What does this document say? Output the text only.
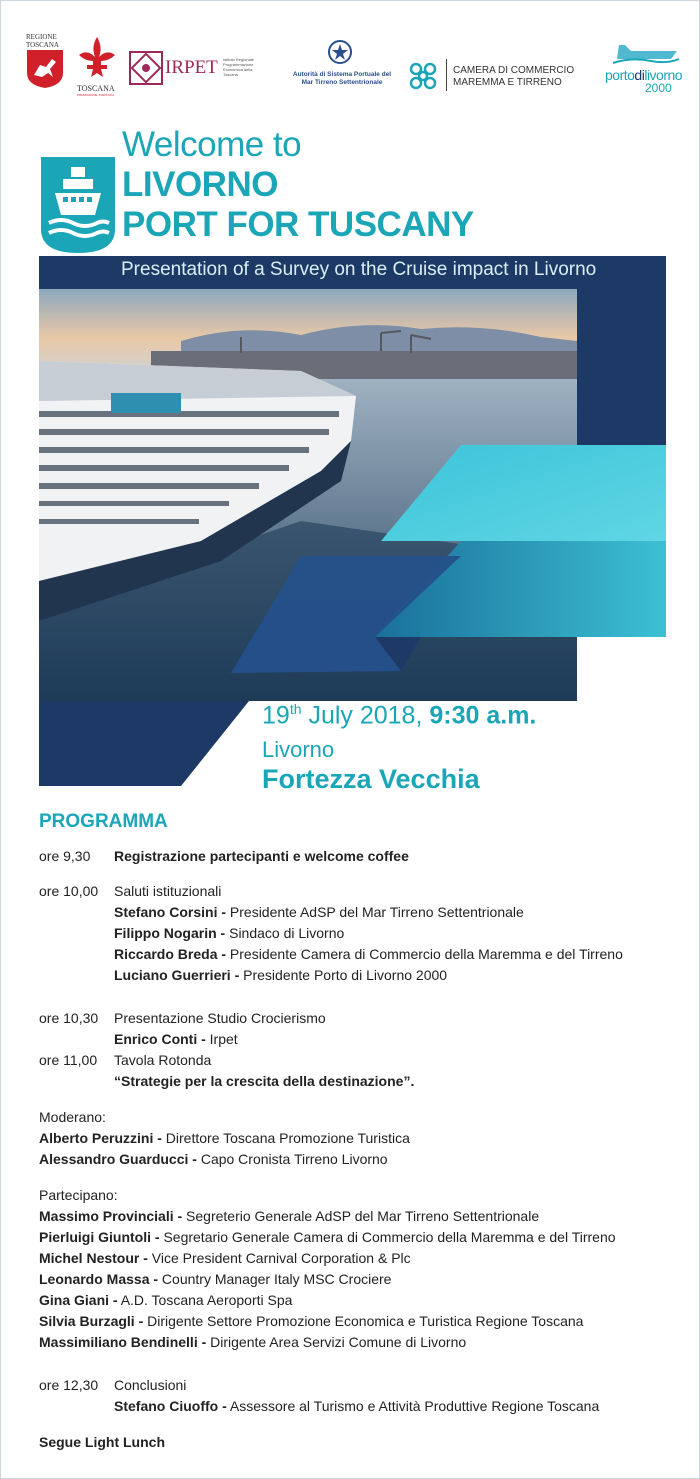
REGIONE TOSCANA
TOSCANA
PROMOZIONE TURISTICA
IRPET Istituto Regionale Programmazione Economica della Toscana	Autorità di Sistema Portuale del
Mar Tirreno Settentrionale
CAMERA DI COMMERCIO
MAREMMA E TIRRENO	portodilivorno
2000
Welcome to
LIVORNO
PORT FOR TUSCANY
Presentation of a Survey on the Cruise impact in Livorno
19th July 2018, 9:30 a.m.
Livorno
Fortezza Vecchia
PROGRAMMA
ore 9,30 Registrazione partecipanti e welcome coffee
ore 10,00 Saluti istituzionali
Stefano Corsini - Presidente AdSP del Mar Tirreno Settentrionale
Filippo Nogarin - Sindaco di Livorno
Riccardo Breda - Presidente Camera di Commercio della Maremma e del Tirreno
Luciano Guerrieri - Presidente Porto di Livorno 2000
ore 10,30 Presentazione Studio Crocierismo
Enrico Conti - Irpet
ore 11,00 Tavola Rotonda
“Strategie per la crescita della destinazione”.
Moderano:
Alberto Peruzzini - Direttore Toscana Promozione Turistica
Alessandro Guarducci - Capo Cronista Tirreno Livorno
Partecipano:
Massimo Provinciali - Segreterio Generale AdSP del Mar Tirreno Settentrionale
Pierluigi Giuntoli - Segretario Generale Camera di Commercio della Maremma e del Tirreno
Michel Nestour - Vice President Carnival Corporation & Plc
Leonardo Massa - Country Manager Italy MSC Crociere
Gina Giani - A.D. Toscana Aeroporti Spa
Silvia Burzagli - Dirigente Settore Promozione Economica e Turistica Regione Toscana
Massimiliano Bendinelli - Dirigente Area Servizi Comune di Livorno
ore 12,30 Conclusioni
Stefano Ciuoffo - Assessore al Turismo e Attività Produttive Regione Toscana
Segue Light Lunch
